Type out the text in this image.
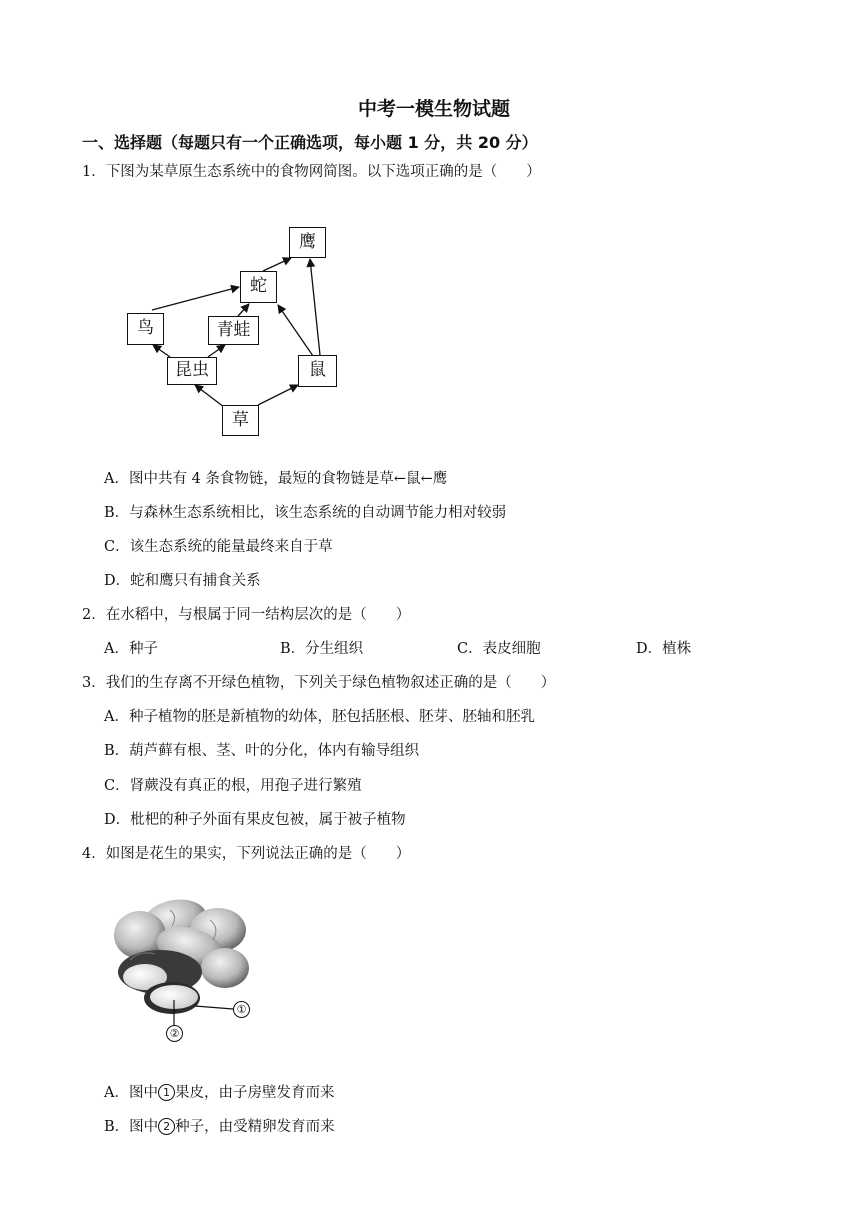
中考一模生物试题
一、选择题（每题只有一个正确选项，每小题 1 分，共 20 分）
1．下图为某草原生态系统中的食物网简图。以下选项正确的是（　　）
鹰
蛇
鸟	青蛙
昆虫	鼠
草
A．图中共有 4 条食物链，最短的食物链是草←鼠←鹰
B．与森林生态系统相比，该生态系统的自动调节能力相对较弱
C．该生态系统的能量最终来自于草
D．蛇和鹰只有捕食关系
2．在水稻中，与根属于同一结构层次的是（　　）
A．种子	B．分生组织	C．表皮细胞	D．植株
3．我们的生存离不开绿色植物，下列关于绿色植物叙述正确的是（　　）
A．种子植物的胚是新植物的幼体，胚包括胚根、胚芽、胚轴和胚乳
B．葫芦藓有根、茎、叶的分化，体内有输导组织
C．肾蕨没有真正的根，用孢子进行繁殖
D．枇杷的种子外面有果皮包被，属于被子植物
4．如图是花生的果实，下列说法正确的是（　　）
①
②
A．图中 1 果皮，由子房壁发育而来
B．图中 2 种子，由受精卵发育而来
